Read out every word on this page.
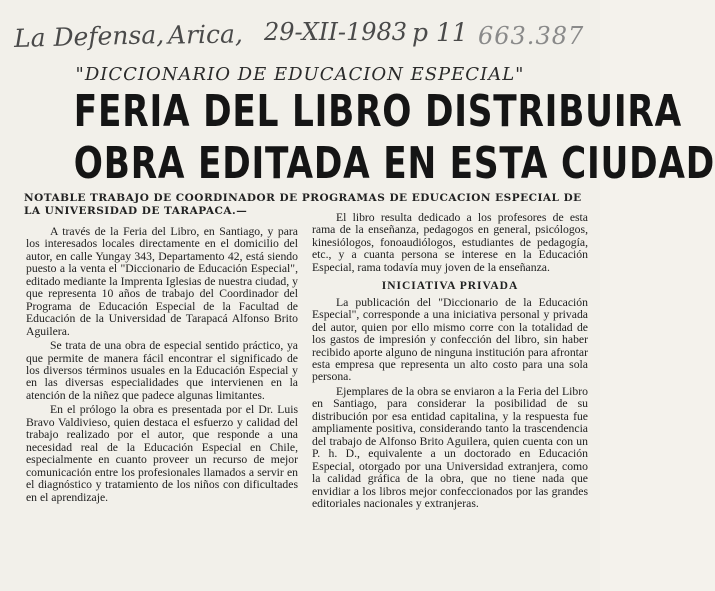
La Defensa, Arica, 29-XII-1983 p 11 663.387
"DICCIONARIO DE EDUCACION ESPECIAL"
FERIA DEL LIBRO DISTRIBUIRA
OBRA EDITADA EN ESTA CIUDAD
NOTABLE TRABAJO DE COORDINADOR DE PROGRAMAS DE EDUCACION ESPECIAL DE LA UNIVERSIDAD DE TARAPACA.—

A través de la Feria del Libro, en Santiago, y para los interesados locales directamente en el domicilio del autor, en calle Yungay 343, Departamento 42, está siendo puesto a la venta el "Diccionario de Educación Especial", editado mediante la Imprenta Iglesias de nuestra ciudad, y que representa 10 años de trabajo del Coordinador del Programa de Educación Especial de la Facultad de Educación de la Universidad de Tarapacá Alfonso Brito Aguilera.

Se trata de una obra de especial sentido práctico, ya que permite de manera fácil encontrar el significado de los diversos términos usuales en la Educación Especial y en las diversas especialidades que intervienen en la atención de la niñez que padece algunas limitantes.

En el prólogo la obra es presentada por el Dr. Luis Bravo Valdivieso, quien destaca el esfuerzo y calidad del trabajo realizado por el autor, que responde a una necesidad real de la Educación Especial en Chile, especialmente en cuanto proveer un recurso de mejor comunicación entre los profesionales llamados a servir en el diagnóstico y tratamiento de los niños con dificultades en el aprendizaje.

El libro resulta dedicado a los profesores de esta rama de la enseñanza, pedagogos en general, psicólogos, kinesiólogos, fonoaudiólogos, estudiantes de pedagogía, etc., y a cuanta persona se interese en la Educación Especial, rama todavía muy joven de la enseñanza.

INICIATIVA PRIVADA

La publicación del "Diccionario de la Educación Especial", corresponde a una iniciativa personal y privada del autor, quien por ello mismo corre con la totalidad de los gastos de impresión y confección del libro, sin haber recibido aporte alguno de ninguna institución para afrontar esta empresa que representa un alto costo para una sola persona.

Ejemplares de la obra se enviaron a la Feria del Libro en Santiago, para considerar la posibilidad de su distribución por esa entidad capitalina, y la respuesta fue ampliamente positiva, considerando tanto la trascendencia del trabajo de Alfonso Brito Aguilera, quien cuenta con un P. h. D., equivalente a un doctorado en Educación Especial, otorgado por una Universidad extranjera, como la calidad gráfica de la obra, que no tiene nada que envidiar a los libros mejor confeccionados por las grandes editoriales nacionales y extranjeras.
